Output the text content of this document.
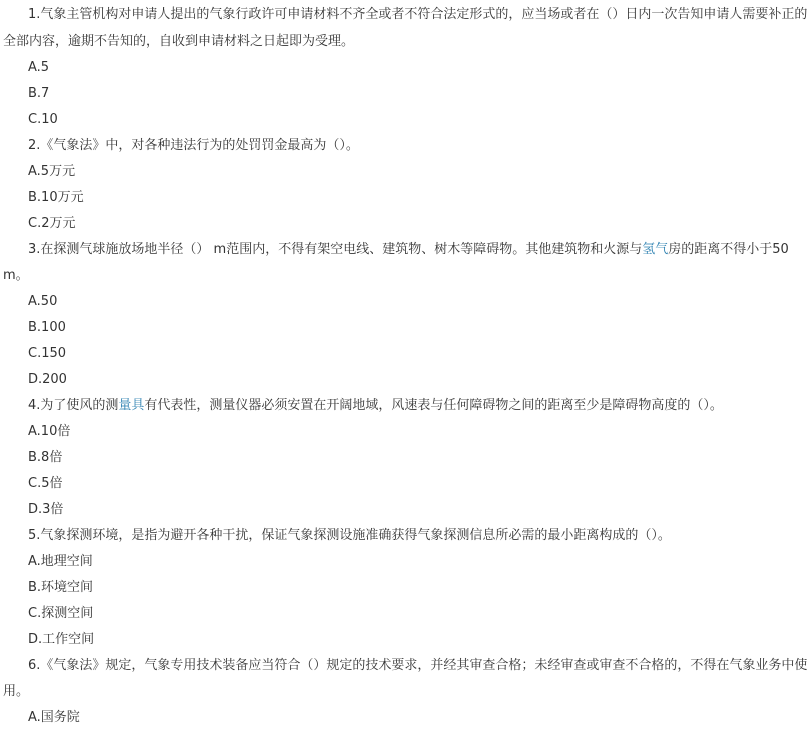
1.气象主管机构对申请人提出的气象行政许可申请材料不齐全或者不符合法定形式的，应当场或者在（）日内一次告知申请人需要补正的
全部内容，逾期不告知的，自收到申请材料之日起即为受理。
A.5
B.7
C.10
2.《气象法》中，对各种违法行为的处罚罚金最高为（）。
A.5万元
B.10万元
C.2万元
3.在探测气球施放场地半径（） m范围内，不得有架空电线、建筑物、树木等障碍物。其他建筑物和火源与氢气房的距离不得小于50
m。
A.50
B.100
C.150
D.200
4.为了使风的测量具有代表性，测量仪器必须安置在开阔地域，风速表与任何障碍物之间的距离至少是障碍物高度的（）。
A.10倍
B.8倍
C.5倍
D.3倍
5.气象探测环境，是指为避开各种干扰，保证气象探测设施准确获得气象探测信息所必需的最小距离构成的（）。
A.地理空间
B.环境空间
C.探测空间
D.工作空间
6.《气象法》规定，气象专用技术装备应当符合（）规定的技术要求，并经其审查合格；未经审查或审查不合格的，不得在气象业务中使
用。
A.国务院
